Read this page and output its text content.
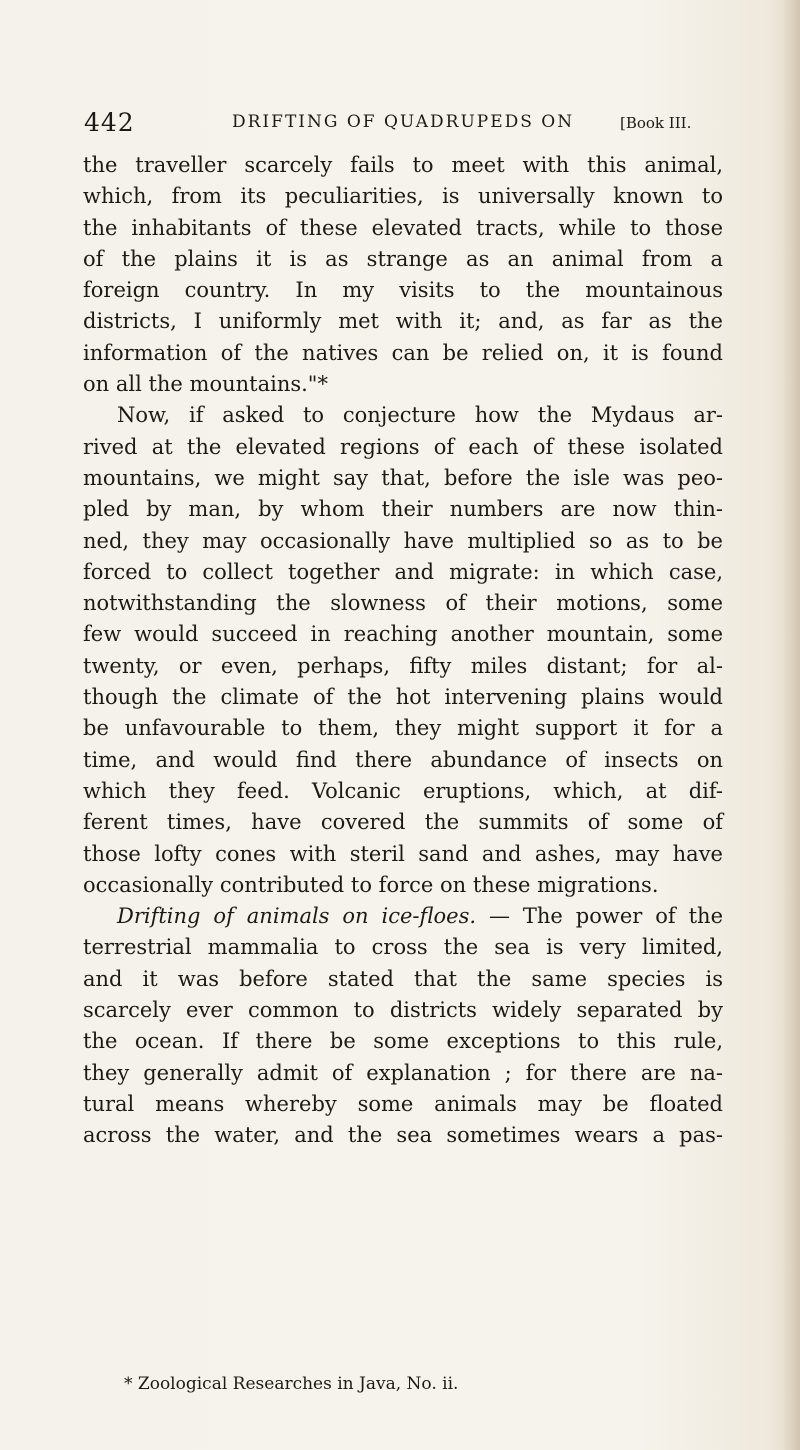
442	DRIFTING OF QUADRUPEDS ON	[Book III.
the traveller scarcely fails to meet with this animal,
which, from its peculiarities, is universally known to
the inhabitants of these elevated tracts, while to those
of the plains it is as strange as an animal from a
foreign country. In my visits to the mountainous
districts, I uniformly met with it; and, as far as the
information of the natives can be relied on, it is found
on all the mountains."*
Now, if asked to conjecture how the Mydaus ar-
rived at the elevated regions of each of these isolated
mountains, we might say that, before the isle was peo-
pled by man, by whom their numbers are now thin-
ned, they may occasionally have multiplied so as to be
forced to collect together and migrate: in which case,
notwithstanding the slowness of their motions, some
few would succeed in reaching another mountain, some
twenty, or even, perhaps, fifty miles distant; for al-
though the climate of the hot intervening plains would
be unfavourable to them, they might support it for a
time, and would find there abundance of insects on
which they feed. Volcanic eruptions, which, at dif-
ferent times, have covered the summits of some of
those lofty cones with steril sand and ashes, may have
occasionally contributed to force on these migrations.
Drifting of animals on ice-floes. — The power of the
terrestrial mammalia to cross the sea is very limited,
and it was before stated that the same species is
scarcely ever common to districts widely separated by
the ocean. If there be some exceptions to this rule,
they generally admit of explanation ; for there are na-
tural means whereby some animals may be floated
across the water, and the sea sometimes wears a pas-
* Zoological Researches in Java, No. ii.
